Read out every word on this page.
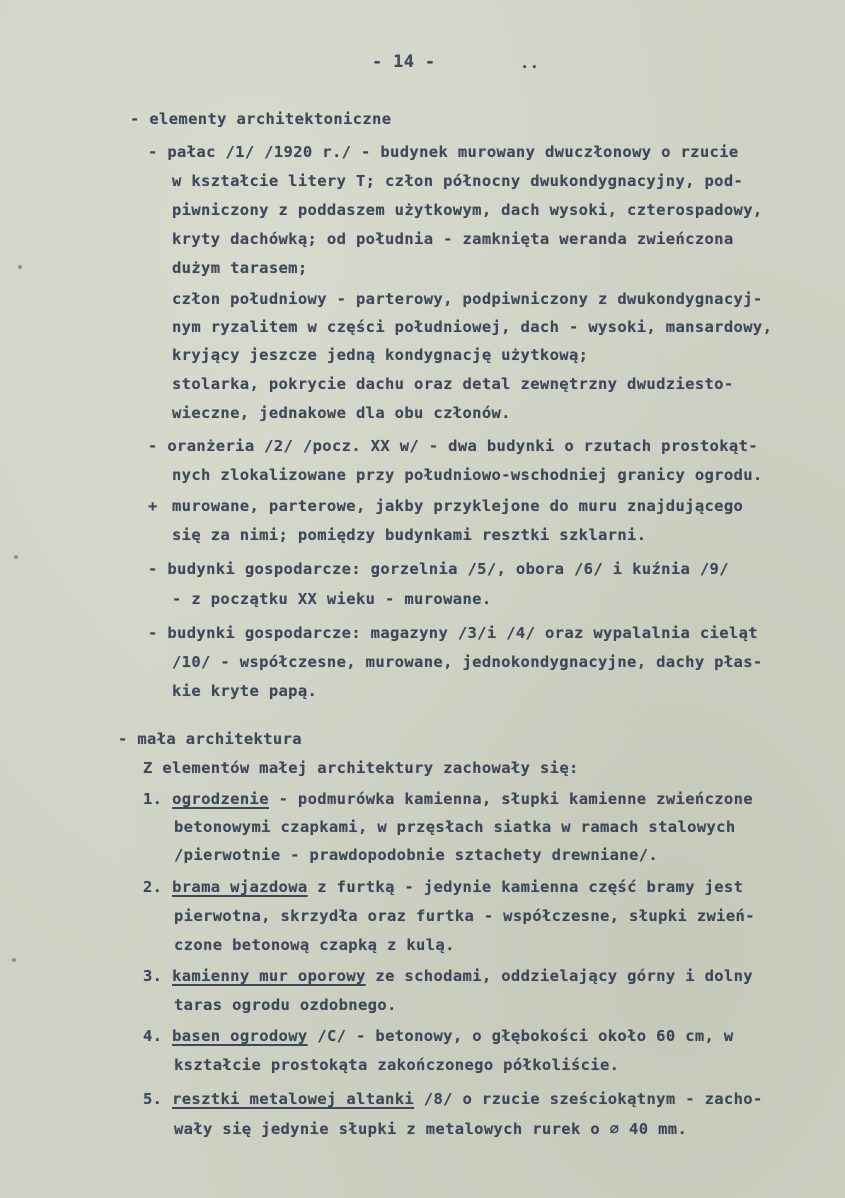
- 14 -	..
- elementy architektoniczne
- pałac /1/ /1920 r./ - budynek murowany dwuczłonowy o rzucie
w kształcie litery T; człon północny dwukondygnacyjny, pod-
piwniczony z poddaszem użytkowym, dach wysoki, czterospadowy,
kryty dachówką; od południa - zamknięta weranda zwieńczona
dużym tarasem;
człon południowy - parterowy, podpiwniczony z dwukondygnacyj-
nym ryzalitem w części południowej, dach - wysoki, mansardowy,
kryjący jeszcze jedną kondygnację użytkową;
stolarka, pokrycie dachu oraz detal zewnętrzny dwudziesto-
wieczne, jednakowe dla obu członów.
- oranżeria /2/ /pocz. XX w/ - dwa budynki o rzutach prostokąt-
nych zlokalizowane przy południowo-wschodniej granicy ogrodu.
+ murowane, parterowe, jakby przyklejone do muru znajdującego
się za nimi; pomiędzy budynkami resztki szklarni.
- budynki gospodarcze: gorzelnia /5/, obora /6/ i kuźnia /9/
- z początku XX wieku - murowane.
- budynki gospodarcze: magazyny /3/i /4/ oraz wypalalnia cieląt
/10/ - współczesne, murowane, jednokondygnacyjne, dachy płas-
kie kryte papą.
- mała architektura
Z elementów małej architektury zachowały się:
1. ogrodzenie - podmurówka kamienna, słupki kamienne zwieńczone
betonowymi czapkami, w przęsłach siatka w ramach stalowych
/pierwotnie - prawdopodobnie sztachety drewniane/.
2. brama wjazdowa z furtką - jedynie kamienna część bramy jest
pierwotna, skrzydła oraz furtka - współczesne, słupki zwień-
czone betonową czapką z kulą.
3. kamienny mur oporowy ze schodami, oddzielający górny i dolny
taras ogrodu ozdobnego.
4. basen ogrodowy /C/ - betonowy, o głębokości około 60 cm, w
kształcie prostokąta zakończonego półkoliście.
5. resztki metalowej altanki /8/ o rzucie sześciokątnym - zacho-
wały się jedynie słupki z metalowych rurek o ∅ 40 mm.
